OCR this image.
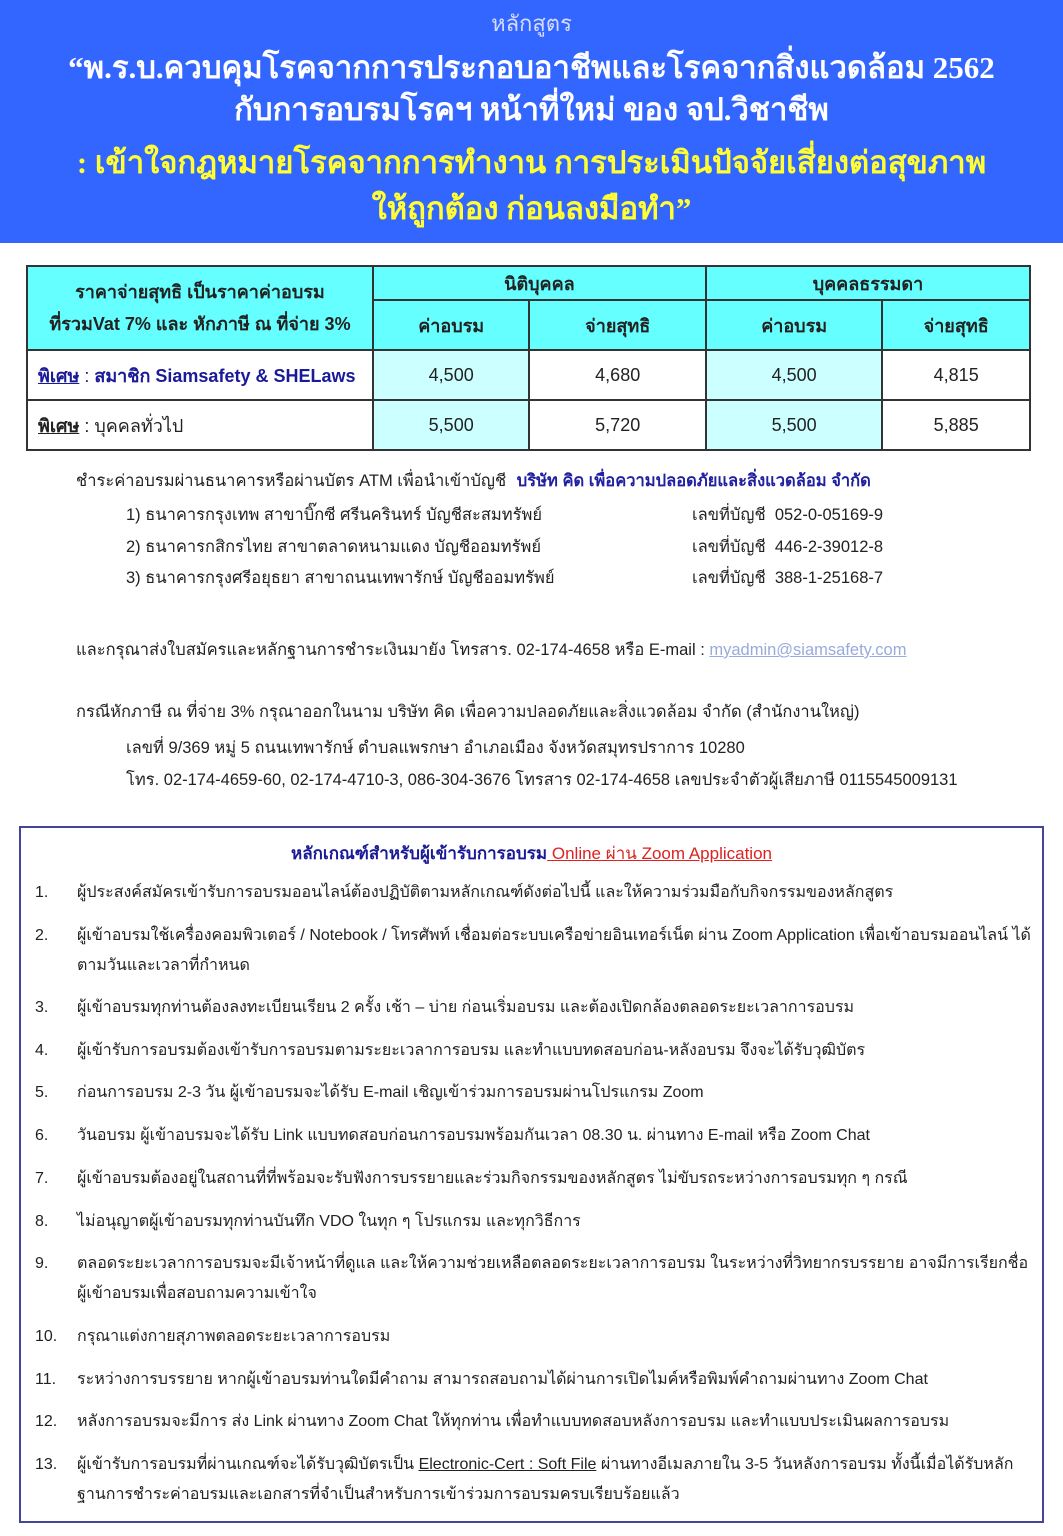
หลักสูตร
“พ.ร.บ.ควบคุมโรคจากการประกอบอาชีพและโรคจากสิ่งแวดล้อม 2562
กับการอบรมโรคฯ หน้าที่ใหม่ ของ จป.วิชาชีพ
: เข้าใจกฎหมายโรคจากการทำงาน การประเมินปัจจัยเสี่ยงต่อสุขภาพ
ให้ถูกต้อง ก่อนลงมือทำ”
ราคาจ่ายสุทธิ เป็นราคาค่าอบรม
ที่รวมVat 7% และ หักภาษี ณ ที่จ่าย 3%	นิติบุคคล		บุคคลธรรมดา	
	ค่าอบรม	จ่ายสุทธิ	ค่าอบรม	จ่ายสุทธิ
พิเศษ : สมาชิก Siamsafety & SHELaws	4,500	4,680	4,500	4,815
พิเศษ : บุคคลทั่วไป	5,500	5,720	5,500	5,885
ชำระค่าอบรมผ่านธนาคารหรือผ่านบัตร ATM เพื่อนำเข้าบัญชี บริษัท คิด เพื่อความปลอดภัยและสิ่งแวดล้อม จำกัด
1) ธนาคารกรุงเทพ สาขาบิ๊กซี ศรีนครินทร์ บัญชีสะสมทรัพย์	เลขที่บัญชี 052-0-05169-9
2) ธนาคารกสิกรไทย สาขาตลาดหนามแดง บัญชีออมทรัพย์	เลขที่บัญชี 446-2-39012-8
3) ธนาคารกรุงศรีอยุธยา สาขาถนนเทพารักษ์ บัญชีออมทรัพย์	เลขที่บัญชี 388-1-25168-7
และกรุณาส่งใบสมัครและหลักฐานการชำระเงินมายัง โทรสาร. 02-174-4658 หรือ E-mail : myadmin@siamsafety.com
กรณีหักภาษี ณ ที่จ่าย 3% กรุณาออกในนาม บริษัท คิด เพื่อความปลอดภัยและสิ่งแวดล้อม จำกัด (สำนักงานใหญ่)
เลขที่ 9/369 หมู่ 5 ถนนเทพารักษ์ ตำบลแพรกษา อำเภอเมือง จังหวัดสมุทรปราการ 10280
โทร. 02-174-4659-60, 02-174-4710-3, 086-304-3676 โทรสาร 02-174-4658 เลขประจำตัวผู้เสียภาษี 0115545009131
หลักเกณฑ์สำหรับผู้เข้ารับการอบรม Online ผ่าน Zoom Application
1.	ผู้ประสงค์สมัครเข้ารับการอบรมออนไลน์ต้องปฏิบัติตามหลักเกณฑ์ดังต่อไปนี้ และให้ความร่วมมือกับกิจกรรมของหลักสูตร
2.	ผู้เข้าอบรมใช้เครื่องคอมพิวเตอร์ / Notebook / โทรศัพท์ เชื่อมต่อระบบเครือข่ายอินเทอร์เน็ต ผ่าน Zoom Application เพื่อเข้าอบรมออนไลน์ ได้ตามวันและเวลาที่กำหนด
3.	ผู้เข้าอบรมทุกท่านต้องลงทะเบียนเรียน 2 ครั้ง เช้า – บ่าย ก่อนเริ่มอบรม และต้องเปิดกล้องตลอดระยะเวลาการอบรม
4.	ผู้เข้ารับการอบรมต้องเข้ารับการอบรมตามระยะเวลาการอบรม และทำแบบทดสอบก่อน-หลังอบรม จึงจะได้รับวุฒิบัตร
5.	ก่อนการอบรม 2-3 วัน ผู้เข้าอบรมจะได้รับ E-mail เชิญเข้าร่วมการอบรมผ่านโปรแกรม Zoom
6.	วันอบรม ผู้เข้าอบรมจะได้รับ Link แบบทดสอบก่อนการอบรมพร้อมกันเวลา 08.30 น. ผ่านทาง E-mail หรือ Zoom Chat
7.	ผู้เข้าอบรมต้องอยู่ในสถานที่ที่พร้อมจะรับฟังการบรรยายและร่วมกิจกรรมของหลักสูตร ไม่ขับรถระหว่างการอบรมทุก ๆ กรณี
8.	ไม่อนุญาตผู้เข้าอบรมทุกท่านบันทึก VDO ในทุก ๆ โปรแกรม และทุกวิธีการ
9.	ตลอดระยะเวลาการอบรมจะมีเจ้าหน้าที่ดูแล และให้ความช่วยเหลือตลอดระยะเวลาการอบรม ในระหว่างที่วิทยากรบรรยาย อาจมีการเรียกชื่อผู้เข้าอบรมเพื่อสอบถามความเข้าใจ
10.	กรุณาแต่งกายสุภาพตลอดระยะเวลาการอบรม
11.	ระหว่างการบรรยาย หากผู้เข้าอบรมท่านใดมีคำถาม สามารถสอบถามได้ผ่านการเปิดไมค์หรือพิมพ์คำถามผ่านทาง Zoom Chat
12.	หลังการอบรมจะมีการ ส่ง Link ผ่านทาง Zoom Chat ให้ทุกท่าน เพื่อทำแบบทดสอบหลังการอบรม และทำแบบประเมินผลการอบรม
13.	ผู้เข้ารับการอบรมที่ผ่านเกณฑ์จะได้รับวุฒิบัตรเป็น Electronic-Cert : Soft File ผ่านทางอีเมลภายใน 3-5 วันหลังการอบรม ทั้งนี้เมื่อได้รับหลักฐานการชำระค่าอบรมและเอกสารที่จำเป็นสำหรับการเข้าร่วมการอบรมครบเรียบร้อยแล้ว
